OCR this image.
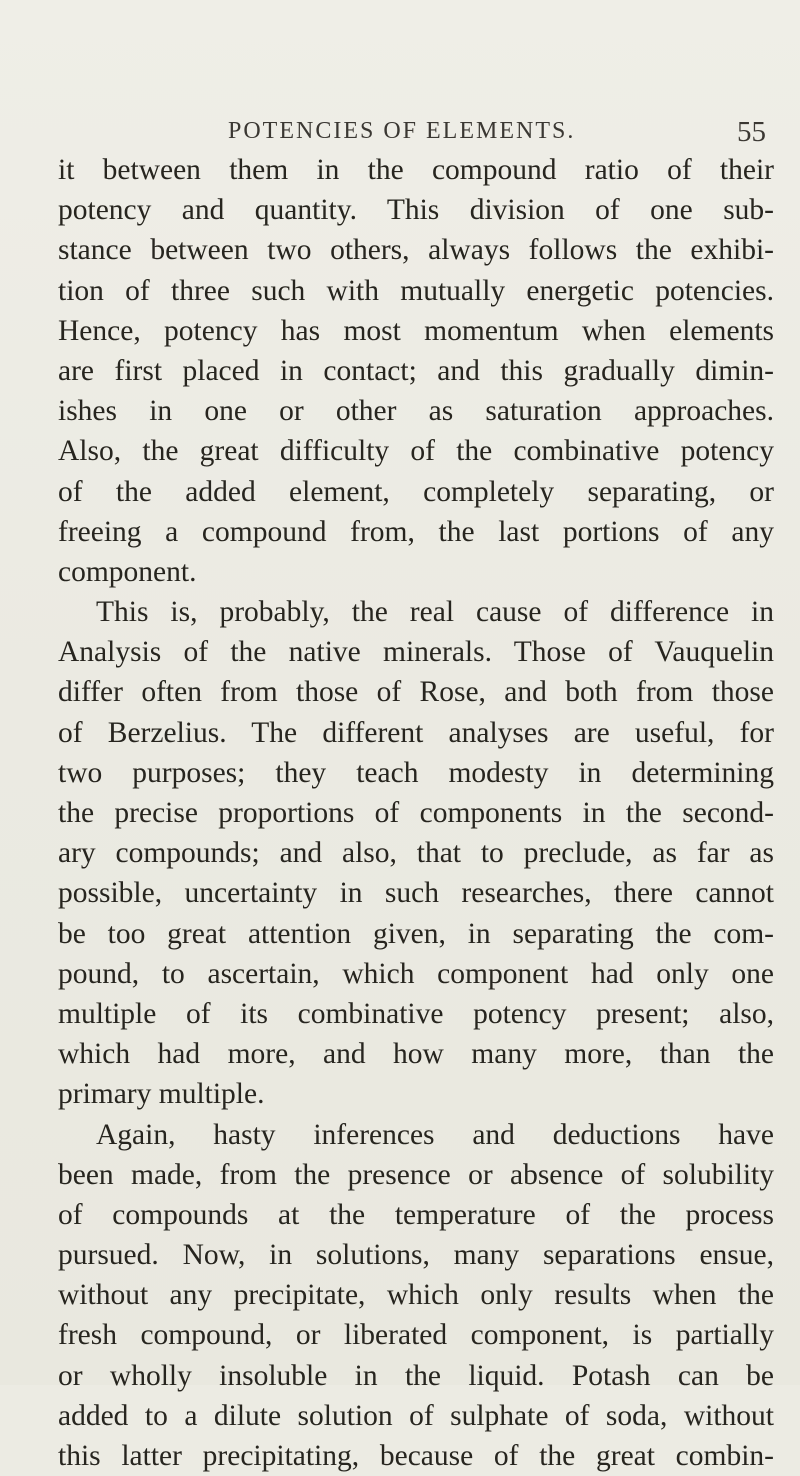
POTENCIES OF ELEMENTS.	55
it between them in the compound ratio of their
potency and quantity. This division of one sub-
stance between two others, always follows the exhibi-
tion of three such with mutually energetic potencies.
Hence, potency has most momentum when elements
are first placed in contact; and this gradually dimin-
ishes in one or other as saturation approaches.
Also, the great difficulty of the combinative potency
of the added element, completely separating, or
freeing a compound from, the last portions of any
component.
This is, probably, the real cause of difference in
Analysis of the native minerals. Those of Vauquelin
differ often from those of Rose, and both from those
of Berzelius. The different analyses are useful, for
two purposes; they teach modesty in determining
the precise proportions of components in the second-
ary compounds; and also, that to preclude, as far as
possible, uncertainty in such researches, there cannot
be too great attention given, in separating the com-
pound, to ascertain, which component had only one
multiple of its combinative potency present; also,
which had more, and how many more, than the
primary multiple.
Again, hasty inferences and deductions have
been made, from the presence or absence of solubility
of compounds at the temperature of the process
pursued. Now, in solutions, many separations ensue,
without any precipitate, which only results when the
fresh compound, or liberated component, is partially
or wholly insoluble in the liquid. Potash can be
added to a dilute solution of sulphate of soda, without
this latter precipitating, because of the great combin-
